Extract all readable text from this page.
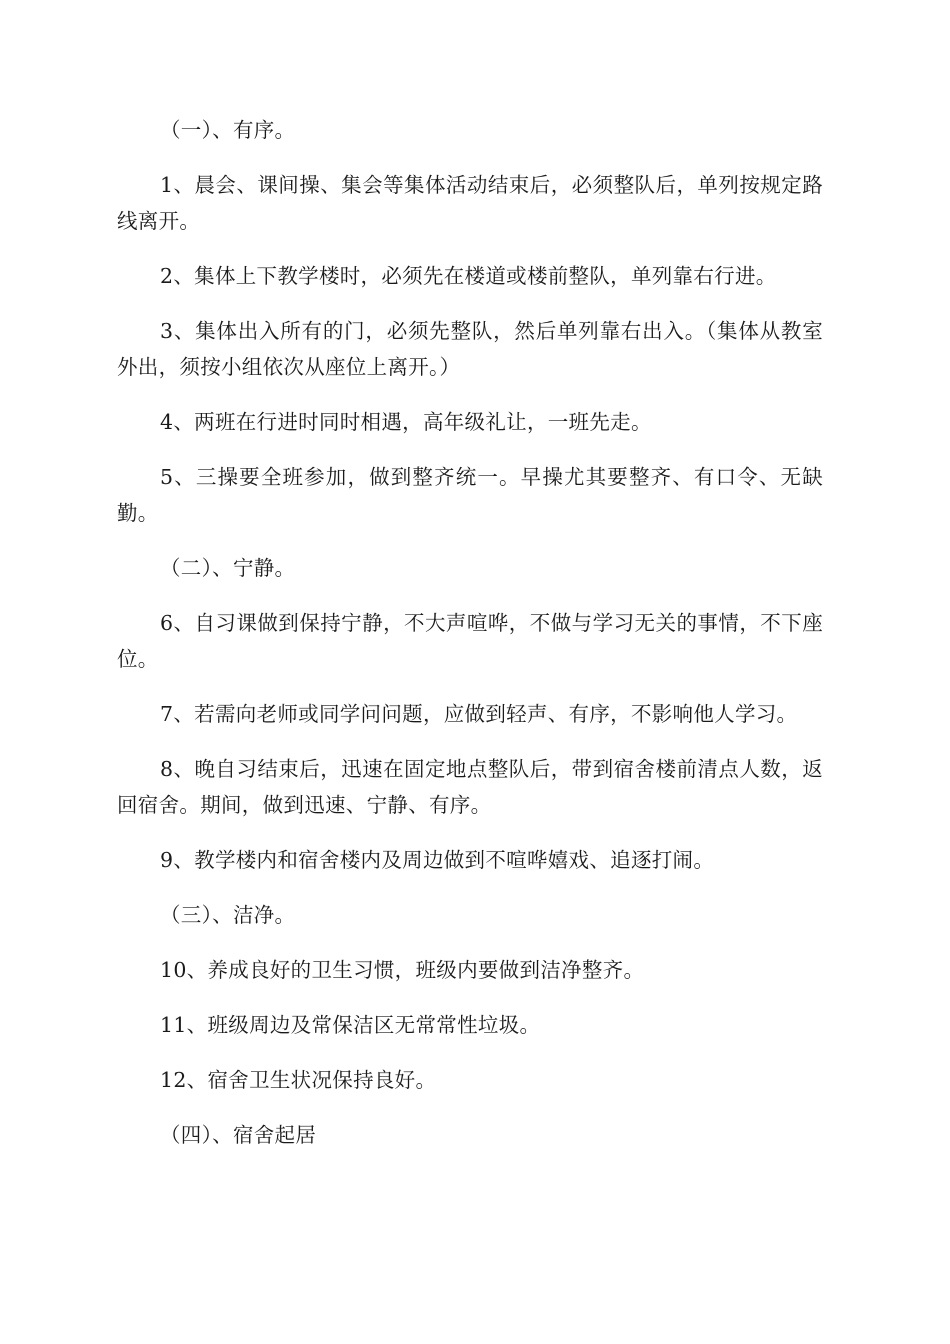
（一）、有序。

1、晨会、课间操、集会等集体活动结束后，必须整队后，单列按规定路线离开。

2、集体上下教学楼时，必须先在楼道或楼前整队，单列靠右行进。

3、集体出入所有的门，必须先整队，然后单列靠右出入。（集体从教室外出，须按小组依次从座位上离开。）

4、两班在行进时同时相遇，高年级礼让，一班先走。

5、三操要全班参加，做到整齐统一。早操尤其要整齐、有口令、无缺勤。

（二）、宁静。

6、自习课做到保持宁静，不大声喧哗，不做与学习无关的事情，不下座位。

7、若需向老师或同学问问题，应做到轻声、有序，不影响他人学习。

8、晚自习结束后，迅速在固定地点整队后，带到宿舍楼前清点人数，返回宿舍。期间，做到迅速、宁静、有序。

9、教学楼内和宿舍楼内及周边做到不喧哗嬉戏、追逐打闹。

（三）、洁净。

10、养成良好的卫生习惯，班级内要做到洁净整齐。

11、班级周边及常保洁区无常常性垃圾。

12、宿舍卫生状况保持良好。

（四）、宿舍起居
